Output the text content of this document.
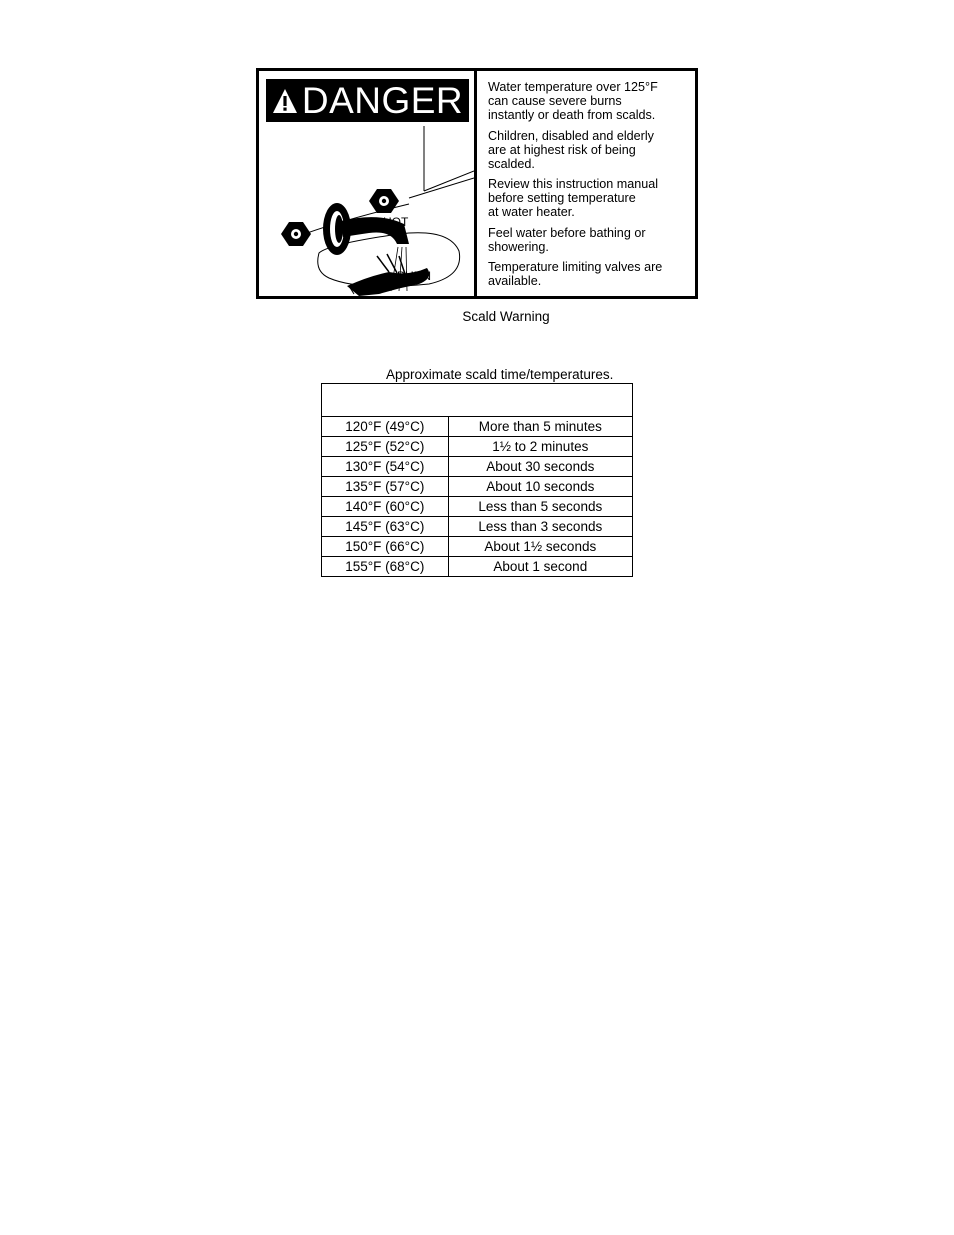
DANGER
HOT
BURN

Water temperature over 125°F
can cause severe burns
instantly or death from scalds.

Children, disabled and elderly
are at highest risk of being
scalded.

Review this instruction manual
before setting temperature
at water heater.

Feel water before bathing or
showering.

Temperature limiting valves are
available.

Scald Warning
Approximate scald time/temperatures.

120°F (49°C)	More than 5 minutes
125°F (52°C)	1½ to 2 minutes
130°F (54°C)	About 30 seconds
135°F (57°C)	About 10 seconds
140°F (60°C)	Less than 5 seconds
145°F (63°C)	Less than 3 seconds
150°F (66°C)	About 1½ seconds
155°F (68°C)	About 1 second
